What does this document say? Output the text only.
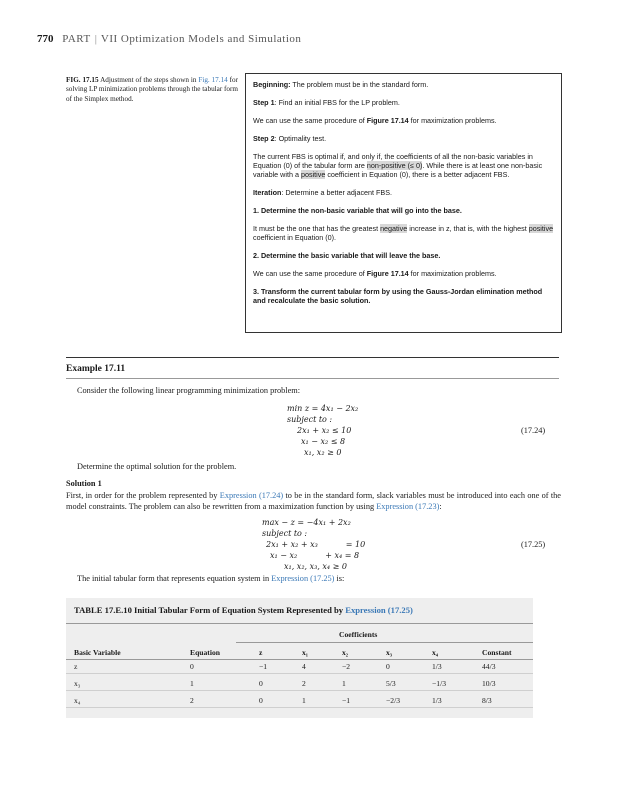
770 PART | VII Optimization Models and Simulation
FIG. 17.15 Adjustment of the steps shown in Fig. 17.14 for solving LP minimization problems through the tabular form of the Simplex method.

Beginning: The problem must be in the standard form.

Step 1: Find an initial FBS for the LP problem.

We can use the same procedure of Figure 17.14 for maximization problems.

Step 2: Optimality test.

The current FBS is optimal if, and only if, the coefficients of all the non-basic variables in Equation (0) of the tabular form are non-positive (≤ 0). While there is at least one non-basic variable with a positive coefficient in Equation (0), there is a better adjacent FBS.

Iteration: Determine a better adjacent FBS.

1. Determine the non-basic variable that will go into the base.

It must be the one that has the greatest negative increase in z, that is, with the highest positive coefficient in Equation (0).

2. Determine the basic variable that will leave the base.

We can use the same procedure of Figure 17.14 for maximization problems.

3. Transform the current tabular form by using the Gauss-Jordan elimination method and recalculate the basic solution.

Example 17.11
Consider the following linear programming minimization problem:
min z = 4x₁ − 2x₂
subject to :
2x₁ + x₂ ≤ 10
x₁ − x₂ ≤ 8
x₁, x₂ ≥ 0
(17.24)
Determine the optimal solution for the problem.
Solution 1
First, in order for the problem represented by Expression (17.24) to be in the standard form, slack variables must be introduced into each one of the model constraints. The problem can also be rewritten from a maximization function by using Expression (17.23):
max − z = −4x₁ + 2x₂
subject to :
2x₁ + x₂ + x₃           = 10
x₁ − x₂           + x₄ = 8
x₁, x₂, x₃, x₄ ≥ 0
(17.25)
The initial tabular form that represents equation system in Expression (17.25) is:
TABLE 17.E.10 Initial Tabular Form of Equation System Represented by Expression (17.25)
Coefficients
Basic Variable	Equation	z	x₁	x₂	x₃	x₄	Constant
z	0	−1	4	−2	0	1/3	44/3
x₃	1	0	2	1	5/3	−1/3	10/3
x₄	2	0	1	−1	−2/3	1/3	8/3
